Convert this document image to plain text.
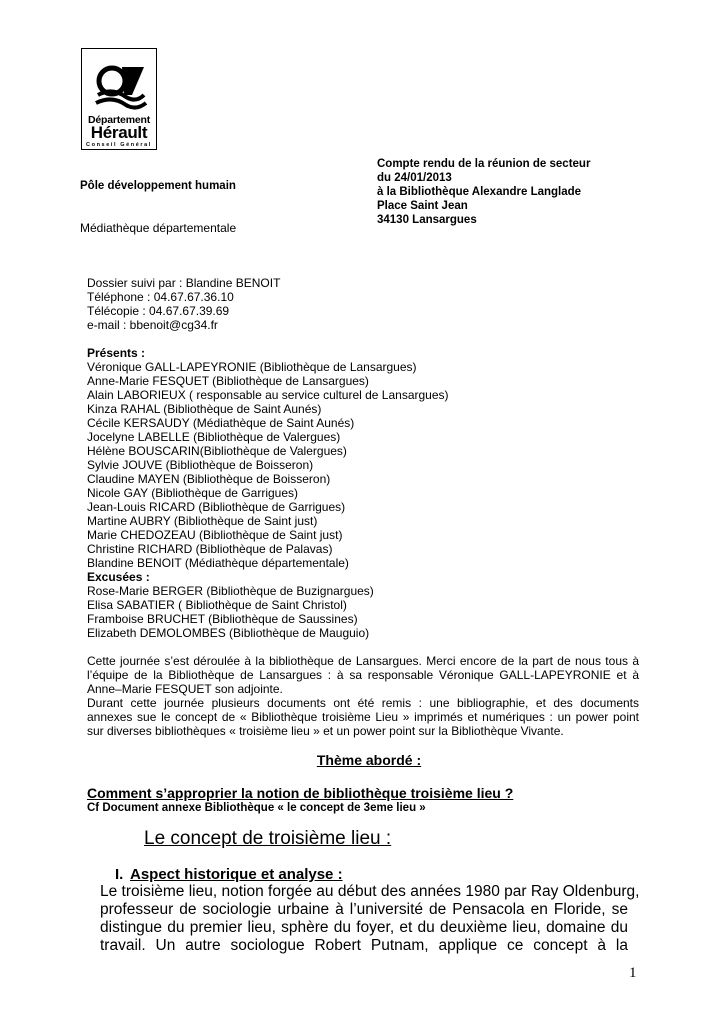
Département
Hérault
Conseil Général
Compte rendu de la réunion de secteur
du 24/01/2013
à la Bibliothèque Alexandre Langlade
Place Saint Jean
34130 Lansargues
Pôle développement humain
Médiathèque départementale
Dossier suivi par : Blandine BENOIT
Téléphone : 04.67.67.36.10
Télécopie : 04.67.67.39.69
e-mail : bbenoit@cg34.fr
Présents :
Véronique GALL-LAPEYRONIE (Bibliothèque de Lansargues)
Anne-Marie FESQUET (Bibliothèque de Lansargues)
Alain LABORIEUX ( responsable au service culturel de Lansargues)
Kinza RAHAL (Bibliothèque de Saint Aunés)
Cécile KERSAUDY (Médiathèque de Saint Aunés)
Jocelyne LABELLE (Bibliothèque de Valergues)
Hélène BOUSCARIN(Bibliothèque de Valergues)
Sylvie JOUVE (Bibliothèque de Boisseron)
Claudine MAYEN (Bibliothèque de Boisseron)
Nicole GAY (Bibliothèque de Garrigues)
Jean-Louis RICARD (Bibliothèque de Garrigues)
Martine AUBRY (Bibliothèque de Saint just)
Marie CHEDOZEAU (Bibliothèque de Saint just)
Christine RICHARD (Bibliothèque de Palavas)
Blandine BENOIT (Médiathèque départementale)
Excusées :
Rose-Marie BERGER (Bibliothèque de Buzignargues)
Elisa SABATIER ( Bibliothèque de Saint Christol)
Framboise BRUCHET (Bibliothèque de Saussines)
Elizabeth DEMOLOMBES (Bibliothèque de Mauguio)
Cette journée s’est déroulée à la bibliothèque de Lansargues. Merci encore de la part de nous tous à
l’équipe de la Bibliothèque de Lansargues : à sa responsable Véronique GALL-LAPEYRONIE et à
Anne–Marie FESQUET son adjointe.
Durant cette journée plusieurs documents ont été remis : une bibliographie, et des documents
annexes sue le concept de « Bibliothèque troisième Lieu » imprimés et numériques : un power point
sur diverses bibliothèques « troisième lieu » et un power point sur la Bibliothèque Vivante.
Thème abordé :
Comment s’approprier la notion de bibliothèque troisième lieu ?
Cf Document annexe Bibliothèque « le concept de 3eme lieu »
Le concept de troisième lieu :
I. Aspect historique et analyse :
Le troisième lieu, notion forgée au début des années 1980 par Ray Oldenburg,
professeur de sociologie urbaine à l’université de Pensacola en Floride, se
distingue du premier lieu, sphère du foyer, et du deuxième lieu, domaine du
travail. Un autre sociologue Robert Putnam, applique ce concept à la
1
